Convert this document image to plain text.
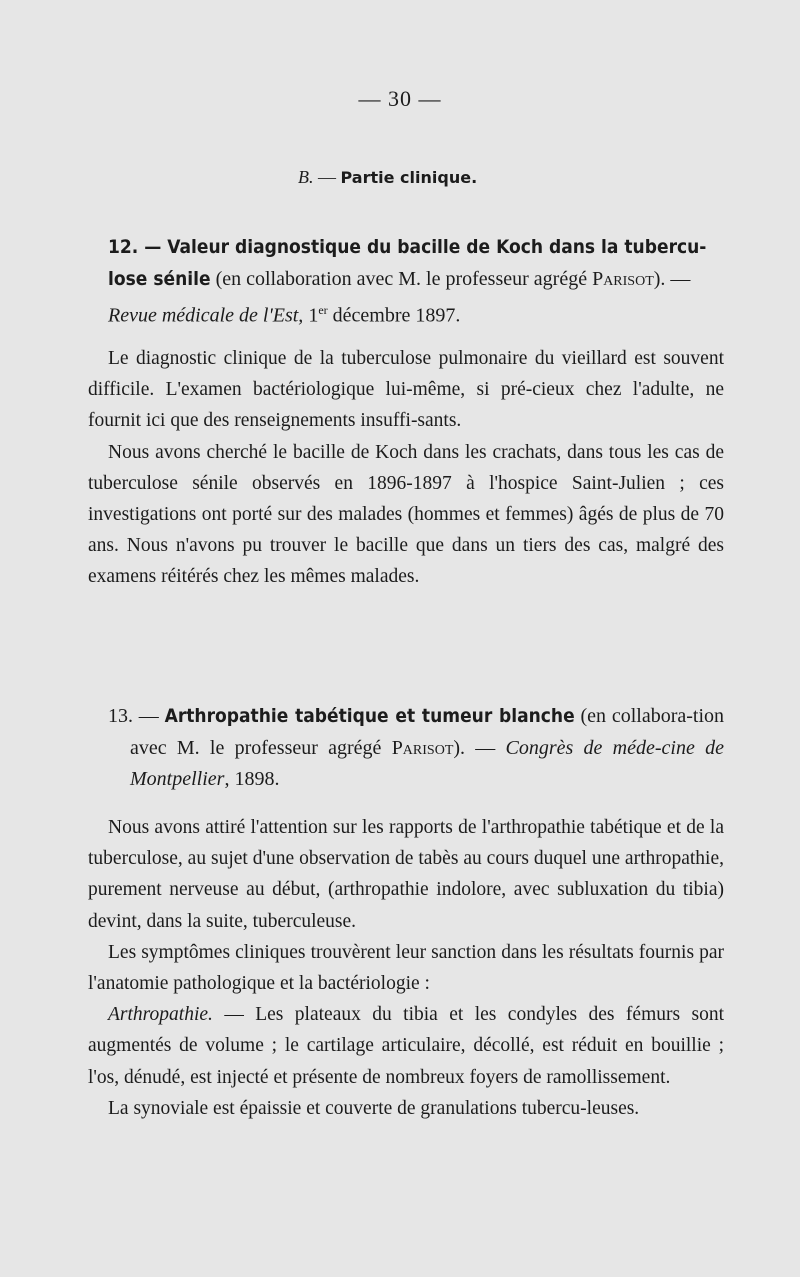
— 30 —
B. — Partie clinique.
12. — Valeur diagnostique du bacille de Koch dans la tubercu-lose sénile (en collaboration avec M. le professeur agrégé Parisot). — Revue médicale de l'Est, 1er décembre 1897.

Le diagnostic clinique de la tuberculose pulmonaire du vieillard est souvent difficile. L'examen bactériologique lui-même, si pré-cieux chez l'adulte, ne fournit ici que des renseignements insuffi-sants.

Nous avons cherché le bacille de Koch dans les crachats, dans tous les cas de tuberculose sénile observés en 1896-1897 à l'hospice Saint-Julien ; ces investigations ont porté sur des malades (hommes et femmes) âgés de plus de 70 ans. Nous n'avons pu trouver le bacille que dans un tiers des cas, malgré des examens réitérés chez les mêmes malades.

13. — Arthropathie tabétique et tumeur blanche (en collabora-tion avec M. le professeur agrégé Parisot). — Congrès de méde-cine de Montpellier, 1898.

Nous avons attiré l'attention sur les rapports de l'arthropathie tabétique et de la tuberculose, au sujet d'une observation de tabès au cours duquel une arthropathie, purement nerveuse au début, (arthropathie indolore, avec subluxation du tibia) devint, dans la suite, tuberculeuse.

Les symptômes cliniques trouvèrent leur sanction dans les résultats fournis par l'anatomie pathologique et la bactériologie :

Arthropathie. — Les plateaux du tibia et les condyles des fémurs sont augmentés de volume ; le cartilage articulaire, décollé, est réduit en bouillie ; l'os, dénudé, est injecté et présente de nombreux foyers de ramollissement.

La synoviale est épaissie et couverte de granulations tubercu-leuses.
